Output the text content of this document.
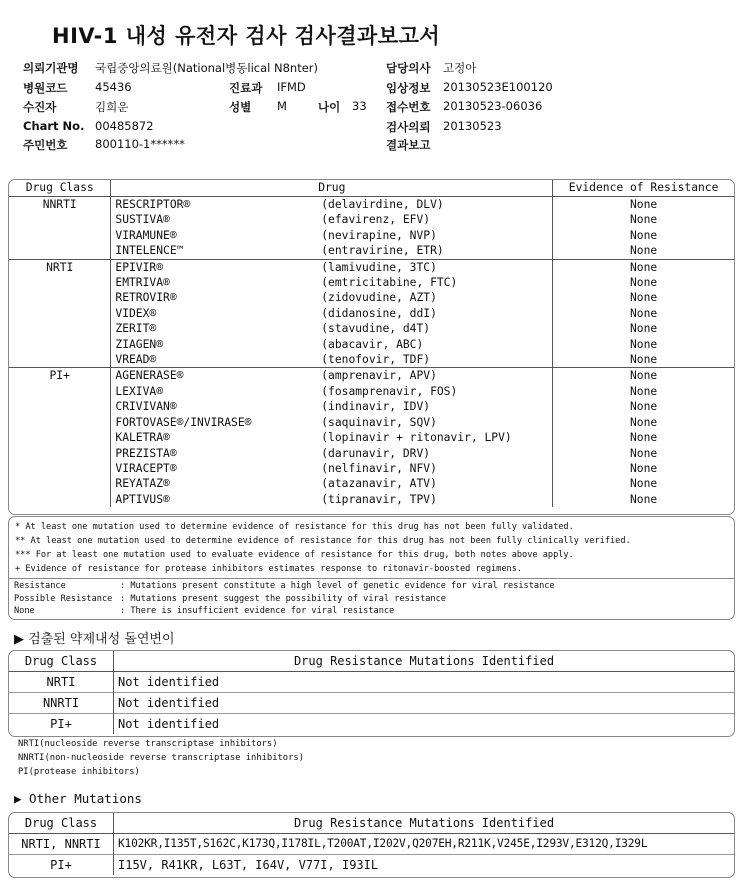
HIV-1 내성 유전자 검사 검사결과보고서
의뢰기관명 국립중앙의료원(National병동lical N8nter)	담당의사 고정아
병원코드 45436	진료과 IFMD	임상정보 20130523E100120
수진자	김희운	성별 M	나이 33 접수번호 20130523-06036
Chart No. 00485872	검사의뢰 20130523
주민번호 800110-1******	결과보고
Drug Class	Drug		Evidence of Resistance
NNRTI	RESCRIPTOR®	(delavirdine, DLV)	None
	SUSTIVA®	(efavirenz, EFV)	None
	VIRAMUNE®	(nevirapine, NVP)	None
	INTELENCE™	(entravirine, ETR)	None
NRTI	EPIVIR®	(lamivudine, 3TC)	None
	EMTRIVA®	(emtricitabine, FTC)	None
	RETROVIR®	(zidovudine, AZT)	None
	VIDEX®	(didanosine, ddI)	None
	ZERIT®	(stavudine, d4T)	None
	ZIAGEN®	(abacavir, ABC)	None
	VREAD®	(tenofovir, TDF)	None
PI+	AGENERASE®	(amprenavir, APV)	None
	LEXIVA®	(fosamprenavir, FOS)	None
	CRIVIVAN®	(indinavir, IDV)	None
	FORTOVASE®/INVIRASE®	(saquinavir, SQV)	None
	KALETRA®	(lopinavir + ritonavir, LPV)	None
	PREZISTA®	(darunavir, DRV)	None
	VIRACEPT®	(nelfinavir, NFV)	None
	REYATAZ®	(atazanavir, ATV)	None
	APTIVUS®	(tipranavir, TPV)	None
* At least one mutation used to determine evidence of resistance for this drug has not been fully validated.
** At least one mutation used to determine evidence of resistance for this drug has not been fully clinically verified.
*** For at least one mutation used to evaluate evidence of resistance for this drug, both notes above apply.
+ Evidence of resistance for protease inhibitors estimates response to ritonavir-boosted regimens.
Resistance	: Mutations present constitute a high level of genetic evidence for viral resistance
Possible Resistance	: Mutations present suggest the possibility of viral resistance
None	: There is insufficient evidence for viral resistance
▶ 검출된 약제내성 돌연변이
Drug Class	Drug Resistance Mutations Identified
NRTI	Not identified
NNRTI	Not identified
PI+	Not identified
NRTI(nucleoside reverse transcriptase inhibitors)
NNRTI(non-nucleoside reverse transcriptase inhibitors)
PI(protease inhibitors)
▶ Other Mutations
Drug Class	Drug Resistance Mutations Identified
NRTI, NNRTI	K102KR,I135T,S162C,K173Q,I178IL,T200AT,I202V,Q207EH,R211K,V245E,I293V,E312Q,I329L
PI+	I15V, R41KR, L63T, I64V, V77I, I93IL
